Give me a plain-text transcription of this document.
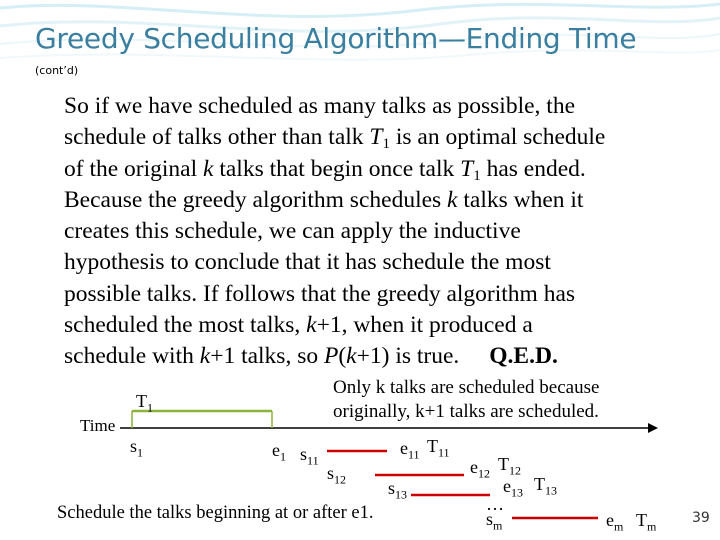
Greedy Scheduling Algorithm—Ending Time
(cont’d)
So if we have scheduled as many talks as possible, the
schedule of talks other than talk $T_1$ is an optimal schedule
of the original k talks that begin once talk $T_1$ has ended.
Because the greedy algorithm schedules k talks when it
creates this schedule, we can apply the inductive
hypothesis to conclude that it has schedule the most
possible talks. If follows that the greedy algorithm has
scheduled the most talks, k+1, when it produced a
schedule with k+1 talks, so P(k+1) is true. Q.E.D.
Only k talks are scheduled because
originally, k+1 talks are scheduled.
Time
$T_1$
$s_1$	$e_1$ $s_{11}$
$e_{11}$ $T_{11}$
$s_{12}$
$e_{12}$ $T_{12}$
$s_{13}$	$e_{13}$ $T_{13}$
…
$s_m$	$e_m$ $T_m$
Schedule the talks beginning at or after e1.	39
